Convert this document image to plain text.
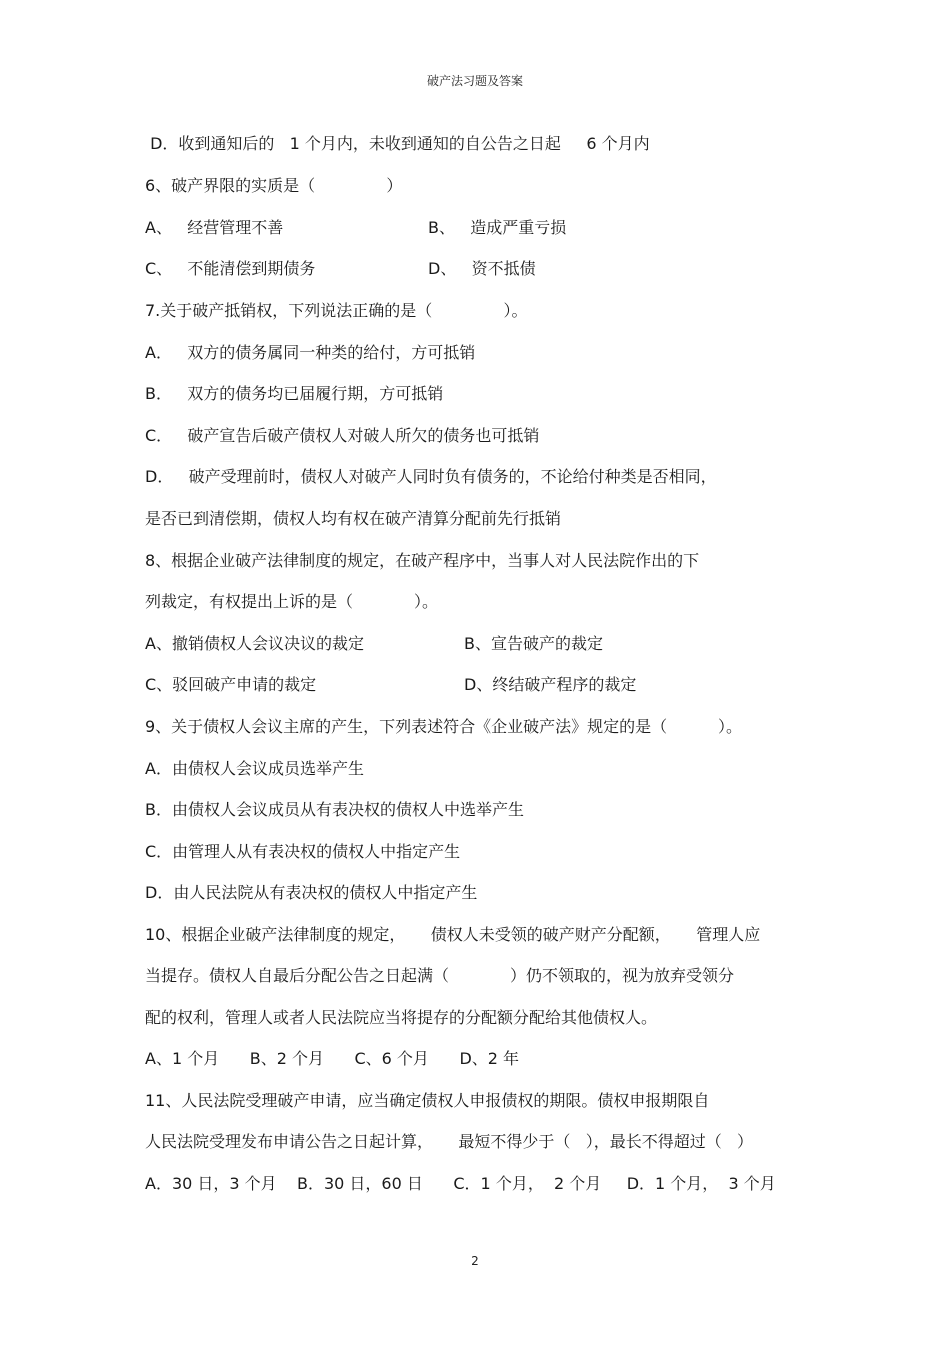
破产法习题及答案
D．收到通知后的   1 个月内，未收到通知的自公告之日起     6 个月内
6、破产界限的实质是（              ）
A、   经营管理不善	B、   造成严重亏损
C、   不能清偿到期债务	D、   资不抵债
7.关于破产抵销权，下列说法正确的是（              ）。
A．   双方的债务属同一种类的给付，方可抵销
B．   双方的债务均已届履行期，方可抵销
C．   破产宣告后破产债权人对破人所欠的债务也可抵销
D．   破产受理前时，债权人对破产人同时负有债务的，不论给付种类是否相同，
是否已到清偿期，债权人均有权在破产清算分配前先行抵销
8、根据企业破产法律制度的规定，在破产程序中，当事人对人民法院作出的下
列裁定，有权提出上诉的是（            ）。
A、撤销债权人会议决议的裁定	B、宣告破产的裁定
C、驳回破产申请的裁定	D、终结破产程序的裁定
9、关于债权人会议主席的产生，下列表述符合《企业破产法》规定的是（          ）。
A．由债权人会议成员选举产生
B．由债权人会议成员从有表决权的债权人中选举产生
C．由管理人从有表决权的债权人中指定产生
D．由人民法院从有表决权的债权人中指定产生
10、根据企业破产法律制度的规定，     债权人未受领的破产财产分配额，     管理人应
当提存。债权人自最后分配公告之日起满（            ）仍不领取的，视为放弃受领分
配的权利，管理人或者人民法院应当将提存的分配额分配给其他债权人。
A、1 个月      B、2 个月      C、6 个月      D、2 年
11、人民法院受理破产申请，应当确定债权人申报债权的期限。债权申报期限自
人民法院受理发布申请公告之日起计算，     最短不得少于（   ），最长不得超过（   ）
A．30 日，3 个月    B．30 日，60 日      C．1 个月，  2 个月     D．1 个月，  3 个月
2
